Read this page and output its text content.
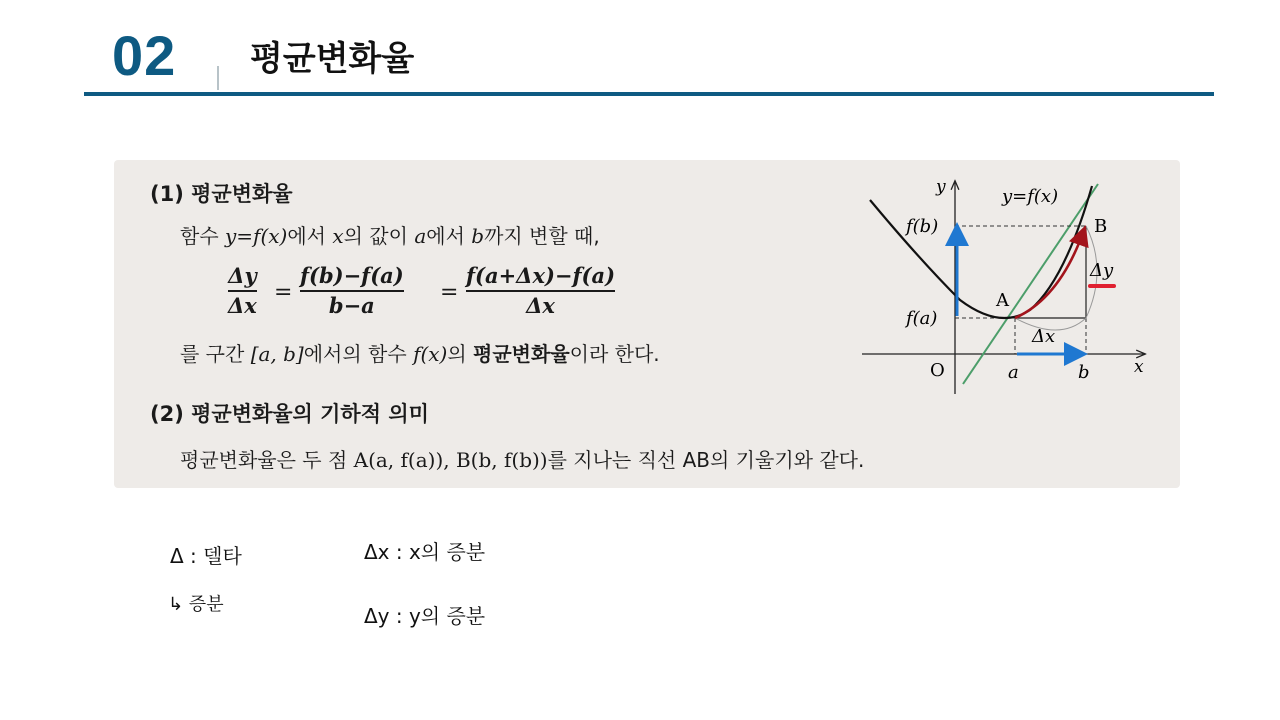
02 평균변화율
(1) 평균변화율
함수 y=f(x)에서 x의 값이 a에서 b까지 변할 때,
Δy
Δx
=
f(b)−f(a)
b−a
=
f(a+Δx)−f(a)
Δx
를 구간 [a, b]에서의 함수 f(x)의 평균변화율이라 한다.
(2) 평균변화율의 기하적 의미
평균변화율은 두 점 A(a, f(a)), B(b, f(b))를 지나는 직선 AB의 기울기와 같다.
y
x
O
y=f(x)
f(b)
f(a)
A
B
Δx
Δy
a	b
Δ : 델타
↳ 증분
Δx : x의 증분
Δy : y의 증분
